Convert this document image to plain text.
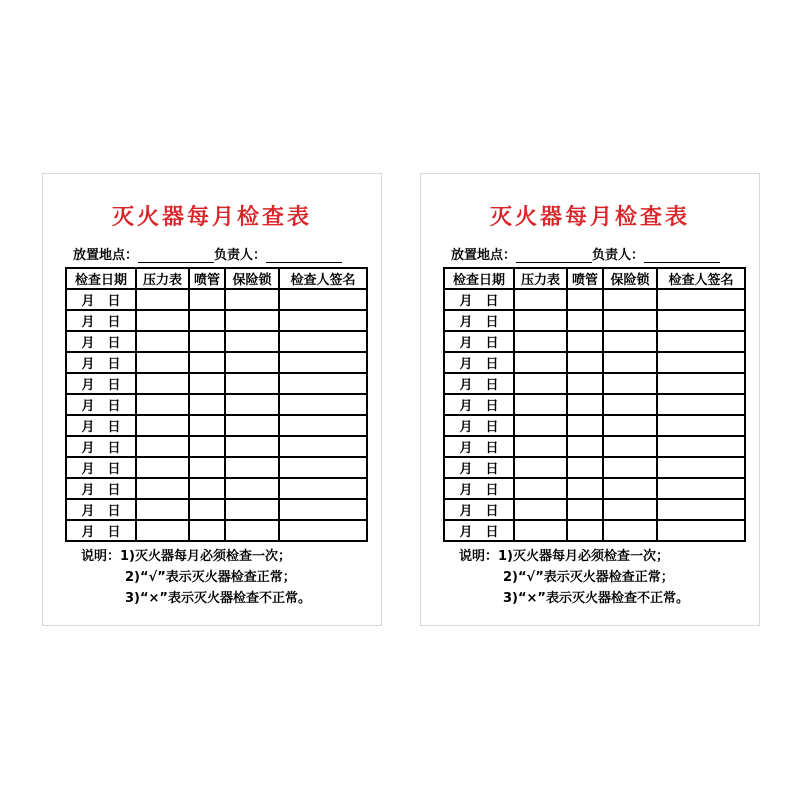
灭火器每月检查表
放置地点：	负责人：
检查日期	压力表	喷管	保险锁	检查人签名
月 日				
月 日				
月 日				
月 日				
月 日				
月 日				
月 日				
月 日				
月 日				
月 日				
月 日				
月 日				
说明：1)灭火器每月必须检查一次；
2)“√”表示灭火器检查正常；
3)“×”表示灭火器检查不正常。
灭火器每月检查表
放置地点：	负责人：
检查日期	压力表	喷管	保险锁	检查人签名
月 日				
月 日				
月 日				
月 日				
月 日				
月 日				
月 日				
月 日				
月 日				
月 日				
月 日				
月 日				
说明：1)灭火器每月必须检查一次；
2)“√”表示灭火器检查正常；
3)“×”表示灭火器检查不正常。
